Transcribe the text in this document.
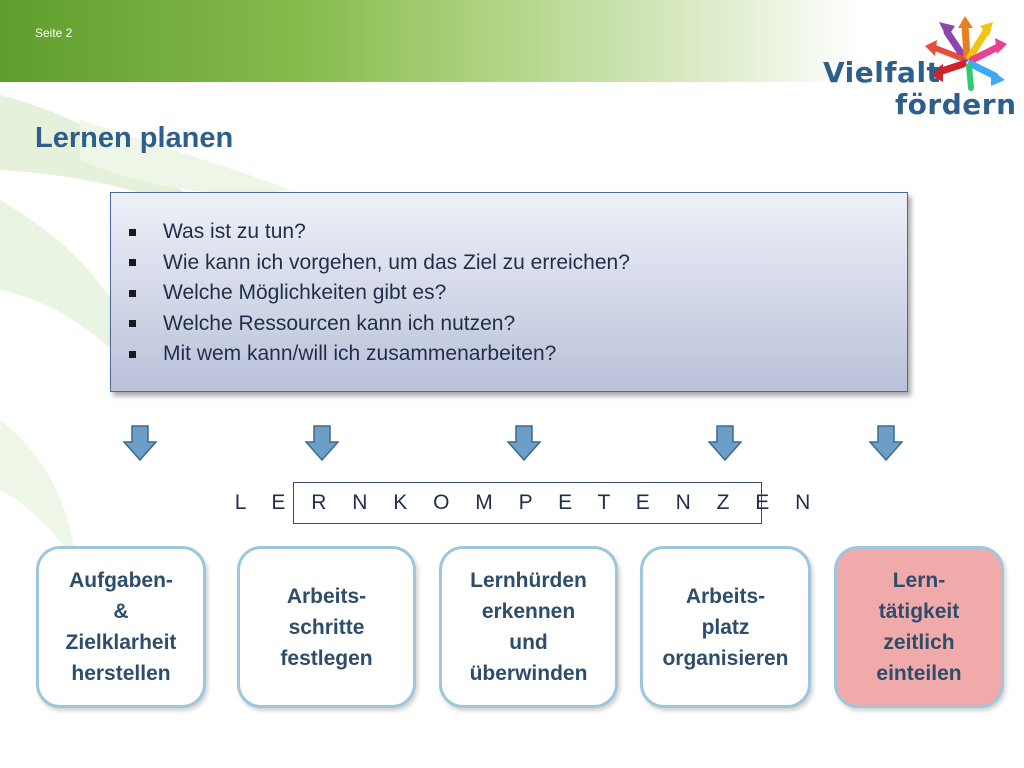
Seite 2
Vielfalt
fördern
Lernen planen
Was ist zu tun?
Wie kann ich vorgehen, um das Ziel zu erreichen?
Welche Möglichkeiten gibt es?
Welche Ressourcen kann ich nutzen?
Mit wem kann/will ich zusammenarbeiten?
L E R N K O M P E T E N Z E N
Aufgaben-
&
Zielklarheit
herstellen
Arbeits-
schritte
festlegen
Lernhürden
erkennen
und
überwinden
Arbeits-
platz
organisieren
Lern-
tätigkeit
zeitlich
einteilen
